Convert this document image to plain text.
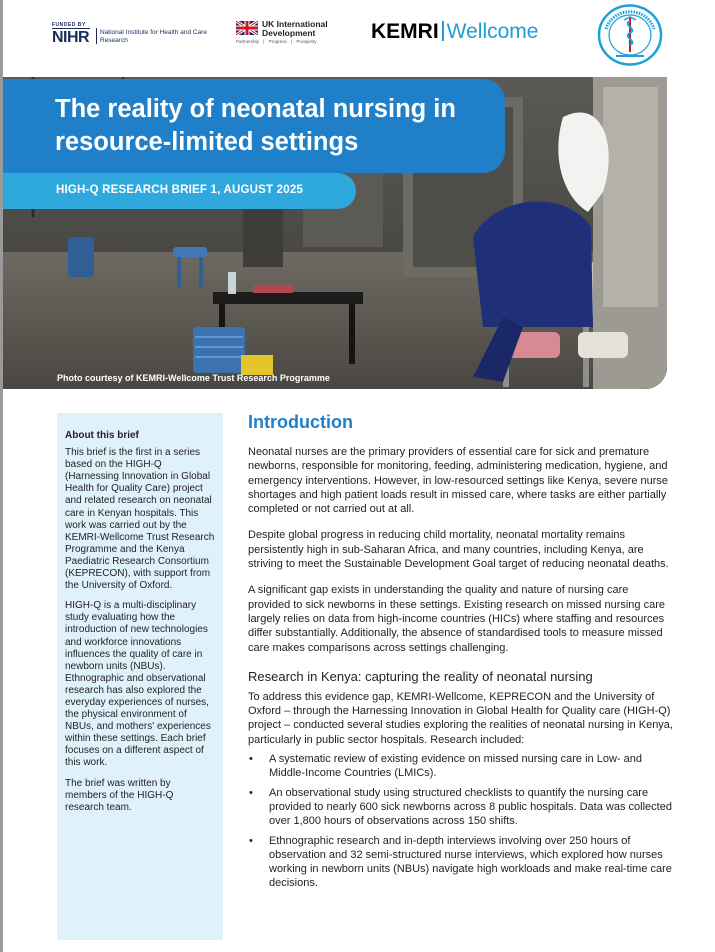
FUNDED BY
NIHR National Institute for Health and Care Research
UK International Development
Partnership | Progress | Prosperity	KEMRI Wellcome
The reality of neonatal nursing in resource-limited settings
HIGH-Q RESEARCH BRIEF 1, AUGUST 2025
Photo courtesy of KEMRI-Wellcome Trust Research Programme

About this brief

This brief is the first in a series based on the HIGH-Q (Harnessing Innovation in Global Health for Quality Care) project and related research on neonatal care in Kenyan hospitals. This work was carried out by the KEMRI-Wellcome Trust Research Programme and the Kenya Paediatric Research Consortium (KEPRECON), with support from the University of Oxford.

HIGH-Q is a multi-disciplinary study evaluating how the introduction of new technologies and workforce innovations influences the quality of care in newborn units (NBUs). Ethnographic and observational research has also explored the everyday experiences of nurses, the physical environment of NBUs, and mothers' experiences within these settings. Each brief focuses on a different aspect of this work.

The brief was written by members of the HIGH-Q research team.

Introduction

Neonatal nurses are the primary providers of essential care for sick and premature newborns, responsible for monitoring, feeding, administering medication, hygiene, and emergency interventions. However, in low-resourced settings like Kenya, severe nurse shortages and high patient loads result in missed care, where tasks are either partially completed or not carried out at all.

Despite global progress in reducing child mortality, neonatal mortality remains persistently high in sub-Saharan Africa, and many countries, including Kenya, are striving to meet the Sustainable Development Goal target of reducing neonatal deaths.

A significant gap exists in understanding the quality and nature of nursing care provided to sick newborns in these settings. Existing research on missed nursing care largely relies on data from high-income countries (HICs) where staffing and resources differ substantially. Additionally, the absence of standardised tools to measure missed care makes comparisons across settings challenging.

Research in Kenya: capturing the reality of neonatal nursing

To address this evidence gap, KEMRI-Wellcome, KEPRECON and the University of Oxford – through the Harnessing Innovation in Global Health for Quality care (HIGH-Q) project – conducted several studies exploring the realities of neonatal nursing in Kenya, particularly in public sector hospitals. Research included:

• A systematic review of existing evidence on missed nursing care in Low- and Middle-Income Countries (LMICs).
• An observational study using structured checklists to quantify the nursing care provided to nearly 600 sick newborns across 8 public hospitals. Data was collected over 1,800 hours of observations across 150 shifts.
• Ethnographic research and in-depth interviews involving over 250 hours of observation and 32 semi-structured nurse interviews, which explored how nurses working in newborn units (NBUs) navigate high workloads and make real-time care decisions.
